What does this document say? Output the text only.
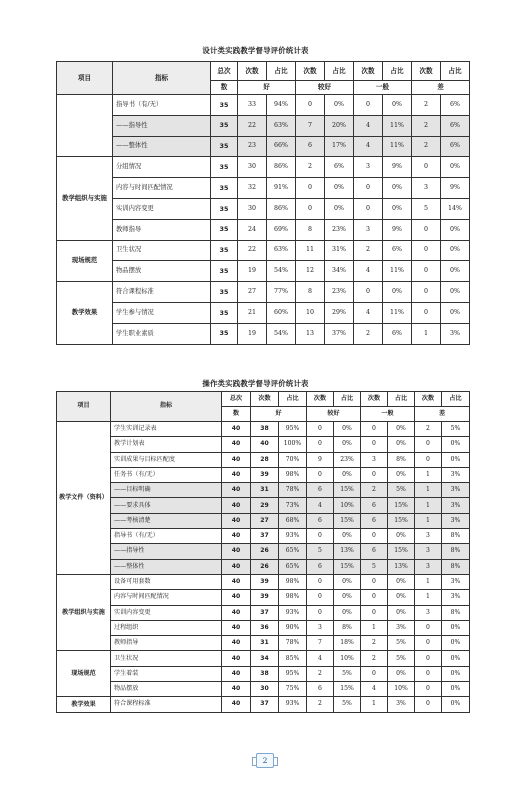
设计类实践教学督导评价统计表
项目	指标	总次	次数	占比	次数	占比	次数	占比	次数	占比
		数	好		较好		一般		差	
	指导书（有/无）	35	33	94%	0	0%	0	0%	2	6%
	——指导性	35	22	63%	7	20%	4	11%	2	6%
	——整体性	35	23	66%	6	17%	4	11%	2	6%
教学组织与实施	分组情况	35	30	86%	2	6%	3	9%	0	0%
	内容与时间匹配情况	35	32	91%	0	0%	0	0%	3	9%
	实训内容变更	35	30	86%	0	0%	0	0%	5	14%
	教师指导	35	24	69%	8	23%	3	9%	0	0%
现场规范	卫生状况	35	22	63%	11	31%	2	6%	0	0%
	物品摆放	35	19	54%	12	34%	4	11%	0	0%
教学效果	符合课程标准	35	27	77%	8	23%	0	0%	0	0%
	学生参与情况	35	21	60%	10	29%	4	11%	0	0%
	学生职业素质	35	19	54%	13	37%	2	6%	1	3%
操作类实践教学督导评价统计表
项目	指标	总次	次数	占比	次数	占比	次数	占比	次数	占比
		数	好		较好		一般		差	
教学文件（资料）	学生实训记录表	40	38	95%	0	0%	0	0%	2	5%
	教学计划表	40	40	100%	0	0%	0	0%	0	0%
	实训成果与目标匹配度	40	28	70%	9	23%	3	8%	0	0%
	任务书（有/无）	40	39	98%	0	0%	0	0%	1	3%
	——目标明确	40	31	78%	6	15%	2	5%	1	3%
	——要求具体	40	29	73%	4	10%	6	15%	1	3%
	——考核清楚	40	27	68%	6	15%	6	15%	1	3%
	指导书（有/无）	40	37	93%	0	0%	0	0%	3	8%
	——指导性	40	26	65%	5	13%	6	15%	3	8%
	——整体性	40	26	65%	6	15%	5	13%	3	8%
教学组织与实施	设备可用套数	40	39	98%	0	0%	0	0%	1	3%
	内容与时间匹配情况	40	39	98%	0	0%	0	0%	1	3%
	实训内容变更	40	37	93%	0	0%	0	0%	3	8%
	过程组织	40	36	90%	3	8%	1	3%	0	0%
	教师指导	40	31	78%	7	18%	2	5%	0	0%
现场规范	卫生状况	40	34	85%	4	10%	2	5%	0	0%
	学生着装	40	38	95%	2	5%	0	0%	0	0%
	物品摆放	40	30	75%	6	15%	4	10%	0	0%
教学效果	符合课程标准	40	37	93%	2	5%	1	3%	0	0%
2
